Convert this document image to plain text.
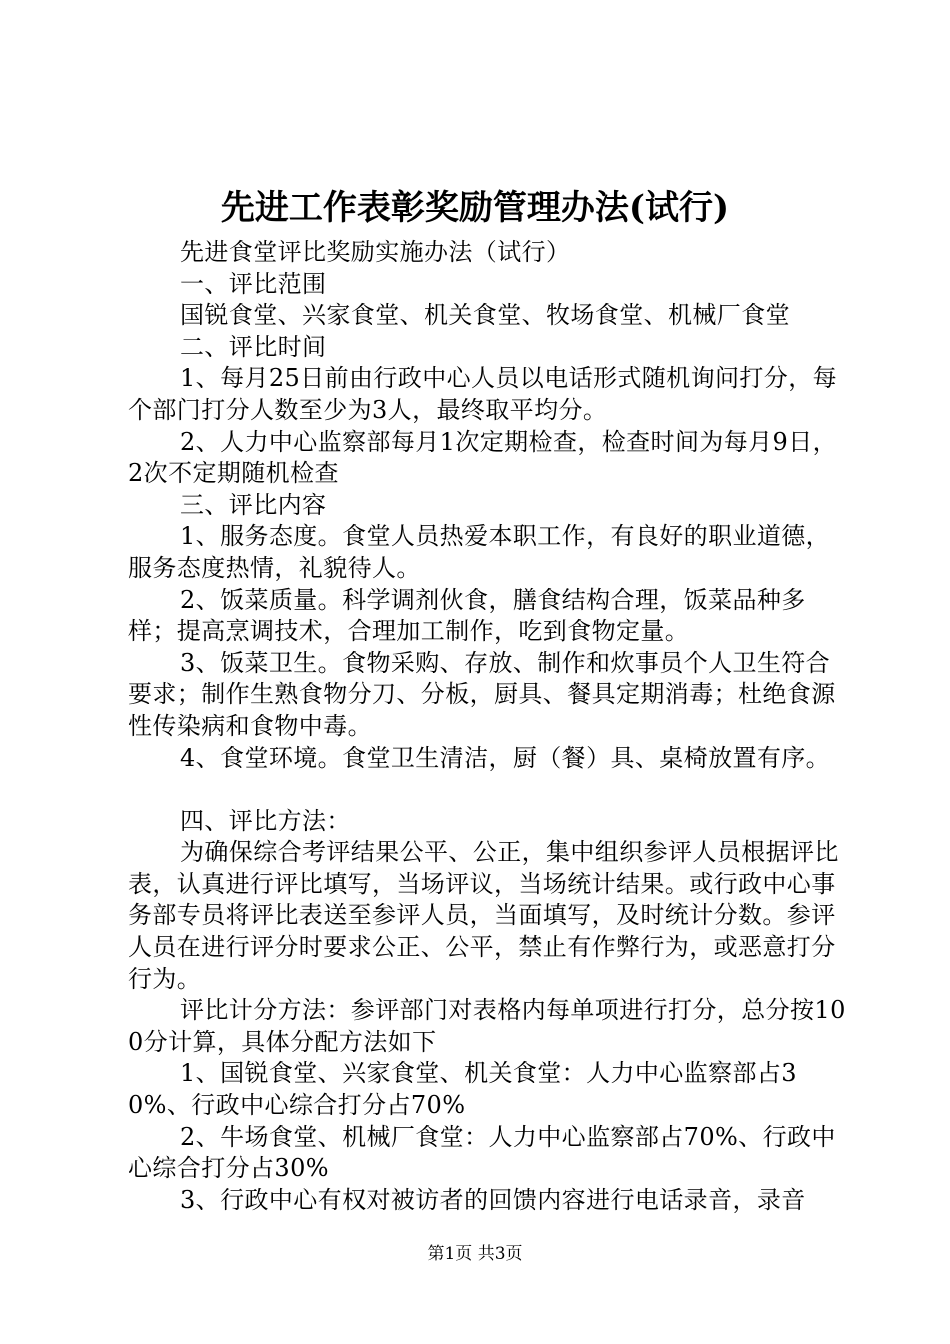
先进工作表彰奖励管理办法(试行)

先进食堂评比奖励实施办法（试行）

一、评比范围

国锐食堂、兴家食堂、机关食堂、牧场食堂、机械厂食堂

二、评比时间

1、每月25日前由行政中心人员以电话形式随机询问打分，每个部门打分人数至少为3人，最终取平均分。

2、人力中心监察部每月1次定期检查，检查时间为每月9日，2次不定期随机检查

三、评比内容

1、服务态度。食堂人员热爱本职工作，有良好的职业道德，服务态度热情，礼貌待人。

2、饭菜质量。科学调剂伙食，膳食结构合理，饭菜品种多样；提高烹调技术，合理加工制作，吃到食物定量。

3、饭菜卫生。食物采购、存放、制作和炊事员个人卫生符合要求；制作生熟食物分刀、分板，厨具、餐具定期消毒；杜绝食源性传染病和食物中毒。

4、食堂环境。食堂卫生清洁，厨（餐）具、桌椅放置有序。

四、评比方法：

为确保综合考评结果公平、公正，集中组织参评人员根据评比表，认真进行评比填写，当场评议，当场统计结果。或行政中心事务部专员将评比表送至参评人员，当面填写，及时统计分数。参评人员在进行评分时要求公正、公平，禁止有作弊行为，或恶意打分行为。

评比计分方法：参评部门对表格内每单项进行打分，总分按100分计算，具体分配方法如下

1、国锐食堂、兴家食堂、机关食堂：人力中心监察部占30%、行政中心综合打分占70%

2、牛场食堂、机械厂食堂：人力中心监察部占70%、行政中心综合打分占30%

3、行政中心有权对被访者的回馈内容进行电话录音，录音

第1页 共3页
